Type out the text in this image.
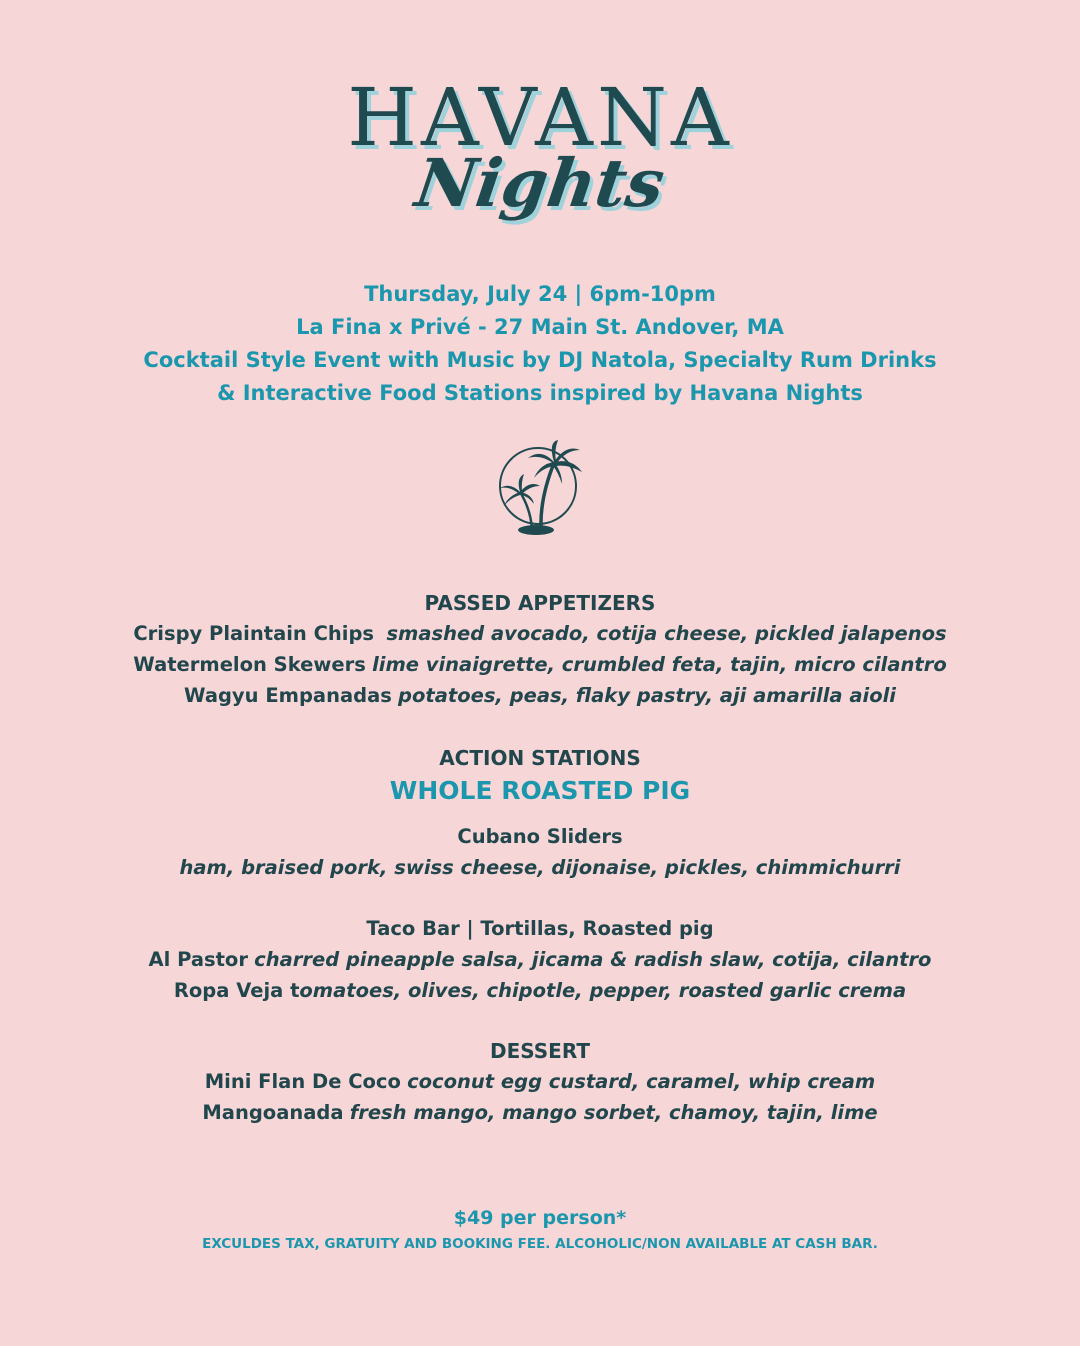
HAVANA
Nights
Thursday, July 24 | 6pm-10pm
La Fina x Privé - 27 Main St. Andover, MA
Cocktail Style Event with Music by DJ Natola, Specialty Rum Drinks
& Interactive Food Stations inspired by Havana Nights
PASSED APPETIZERS
Crispy Plaintain Chips smashed avocado, cotija cheese, pickled jalapenos
Watermelon Skewers lime vinaigrette, crumbled feta, tajin, micro cilantro
Wagyu Empanadas potatoes, peas, flaky pastry, aji amarilla aioli
ACTION STATIONS
WHOLE ROASTED PIG
Cubano Sliders
ham, braised pork, swiss cheese, dijonaise, pickles, chimmichurri
Taco Bar | Tortillas, Roasted pig
Al Pastor charred pineapple salsa, jicama & radish slaw, cotija, cilantro
Ropa Veja tomatoes, olives, chipotle, pepper, roasted garlic crema
DESSERT
Mini Flan De Coco coconut egg custard, caramel, whip cream
Mangoanada fresh mango, mango sorbet, chamoy, tajin, lime
$49 per person*
EXCULDES TAX, GRATUITY AND BOOKING FEE. ALCOHOLIC/NON AVAILABLE AT CASH BAR.
